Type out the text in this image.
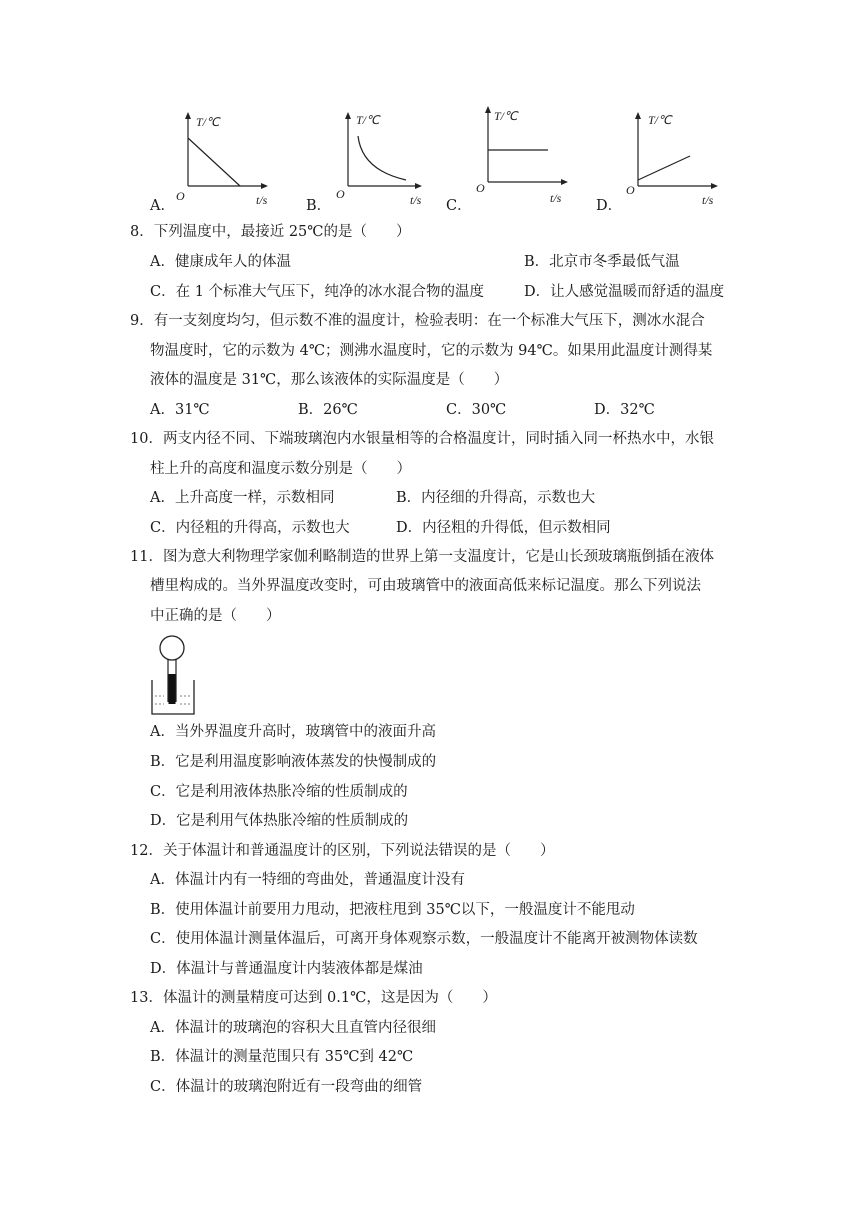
A．
T/℃
t/s
O
B．
T/℃
t/s
O
C．
T/℃
t/s
O
D．
T/℃
t/s
O
8．下列温度中，最接近 25℃的是（　　）
A．健康成年人的体温	B．北京市冬季最低气温
C．在 1 个标准大气压下，纯净的冰水混合物的温度	D．让人感觉温暖而舒适的温度
9．有一支刻度均匀，但示数不准的温度计，检验表明：在一个标准大气压下，测冰水混合
物温度时，它的示数为 4℃；测沸水温度时，它的示数为 94℃。如果用此温度计测得某
液体的温度是 31℃，那么该液体的实际温度是（　　）
A．31℃	B．26℃	C．30℃	D．32℃
10．两支内径不同、下端玻璃泡内水银量相等的合格温度计，同时插入同一杯热水中，水银
柱上升的高度和温度示数分别是（　　）
A．上升高度一样，示数相同	B．内径细的升得高，示数也大
C．内径粗的升得高，示数也大	D．内径粗的升得低，但示数相同
11．图为意大利物理学家伽利略制造的世界上第一支温度计，它是山长颈玻璃瓶倒插在液体
槽里构成的。当外界温度改变时，可由玻璃管中的液面高低来标记温度。那么下列说法
中正确的是（　　）
A．当外界温度升高时，玻璃管中的液面升高
B．它是利用温度影响液体蒸发的快慢制成的
C．它是利用液体热胀冷缩的性质制成的
D．它是利用气体热胀冷缩的性质制成的
12．关于体温计和普通温度计的区别，下列说法错误的是（　　）
A．体温计内有一特细的弯曲处，普通温度计没有
B．使用体温计前要用力甩动，把液柱甩到 35℃以下，一般温度计不能甩动
C．使用体温计测量体温后，可离开身体观察示数，一般温度计不能离开被测物体读数
D．体温计与普通温度计内装液体都是煤油
13．体温计的测量精度可达到 0.1℃，这是因为（　　）
A．体温计的玻璃泡的容积大且直管内径很细
B．体温计的测量范围只有 35℃到 42℃
C．体温计的玻璃泡附近有一段弯曲的细管
